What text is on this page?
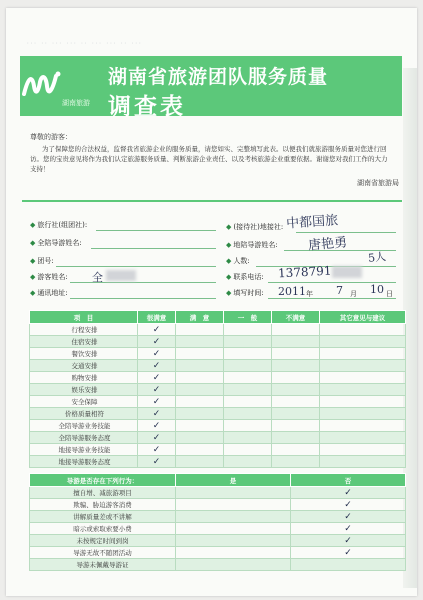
··· ·· ··· ··· ·· ··· ··· ·· ···
湖南旅游
湖南省旅游团队服务质量
调查表
尊敬的游客：
为了保障您的合法权益，监督我省旅游企业的服务质量，请您如实、完整填写此表。以便我们就旅游服务质量对您进行回访。您的宝贵意见将作为我们认定旅游服务质量、判断旅游企业责任、以及考核旅游企业重要依据。谢谢您对我们工作的大力支持！
湖南省旅游局
◆ 旅行社(组团社):
◆ 全陪导游姓名:
◆ 团号:
◆ 游客姓名: 全
◆ 通讯地址:
◆ (接待社)地接社: 中都国旅
◆ 地陪导游姓名: 唐艳勇
◆ 人数:	5人
◆ 联系电话: 1378791
◆ 填写时间: 2011 年 7 月 10 日
项　目	很满意	满　意	一　般	不满意	其它意见与建议
行程安排	✓				
住宿安排	✓				
餐饮安排	✓				
交通安排	✓				
购物安排	✓				
娱乐安排	✓				
安全保障	✓				
价格质量相符	✓				
全陪导游业务技能	✓				
全陪导游服务态度	✓				
地接导游业务技能	✓				
地接导游服务态度	✓				
导游是否存在下列行为：	是	否
擅自增、减旅游项目		✓
欺骗、胁迫游客消费		✓
讲解质量差或不讲解		✓
暗示或索取索要小费		✓
未按规定时间到岗		✓
导游无故不随团活动		✓
导游未佩戴导游证		
